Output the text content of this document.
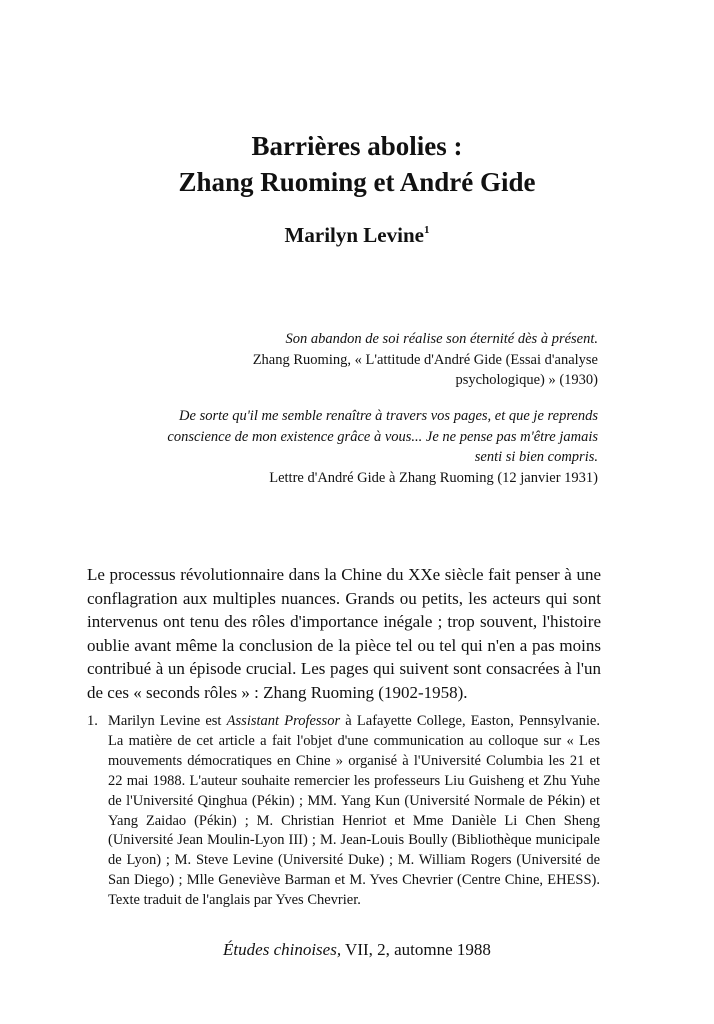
Barrières abolies :
Zhang Ruoming et André Gide
Marilyn Levine$^1$
Son abandon de soi réalise son éternité dès à présent.
Zhang Ruoming, « L'attitude d'André Gide (Essai d'analyse
psychologique) » (1930)
De sorte qu'il me semble renaître à travers vos pages, et que je reprends
conscience de mon existence grâce à vous... Je ne pense pas m'être jamais
senti si bien compris.
Lettre d'André Gide à Zhang Ruoming (12 janvier 1931)
Le processus révolutionnaire dans la Chine du XXe siècle fait penser à une conflagration aux multiples nuances. Grands ou petits, les acteurs qui sont intervenus ont tenu des rôles d'importance inégale ; trop souvent, l'histoire oublie avant même la conclusion de la pièce tel ou tel qui n'en a pas moins contribué à un épisode crucial. Les pages qui suivent sont consacrées à l'un de ces « seconds rôles » : Zhang Ruoming (1902-1958).
1. Marilyn Levine est Assistant Professor à Lafayette College, Easton, Pennsylvanie. La matière de cet article a fait l'objet d'une communication au colloque sur « Les mouvements démocratiques en Chine » organisé à l'Université Columbia les 21 et 22 mai 1988. L'auteur souhaite remercier les professeurs Liu Guisheng et Zhu Yuhe de l'Université Qinghua (Pékin) ; MM. Yang Kun (Université Normale de Pékin) et Yang Zaidao (Pékin) ; M. Christian Henriot et Mme Danièle Li Chen Sheng (Université Jean Moulin-Lyon III) ; M. Jean-Louis Boully (Bibliothèque municipale de Lyon) ; M. Steve Levine (Université Duke) ; M. William Rogers (Université de San Diego) ; Mlle Geneviève Barman et M. Yves Chevrier (Centre Chine, EHESS). Texte traduit de l'anglais par Yves Chevrier.
Études chinoises, VII, 2, automne 1988
